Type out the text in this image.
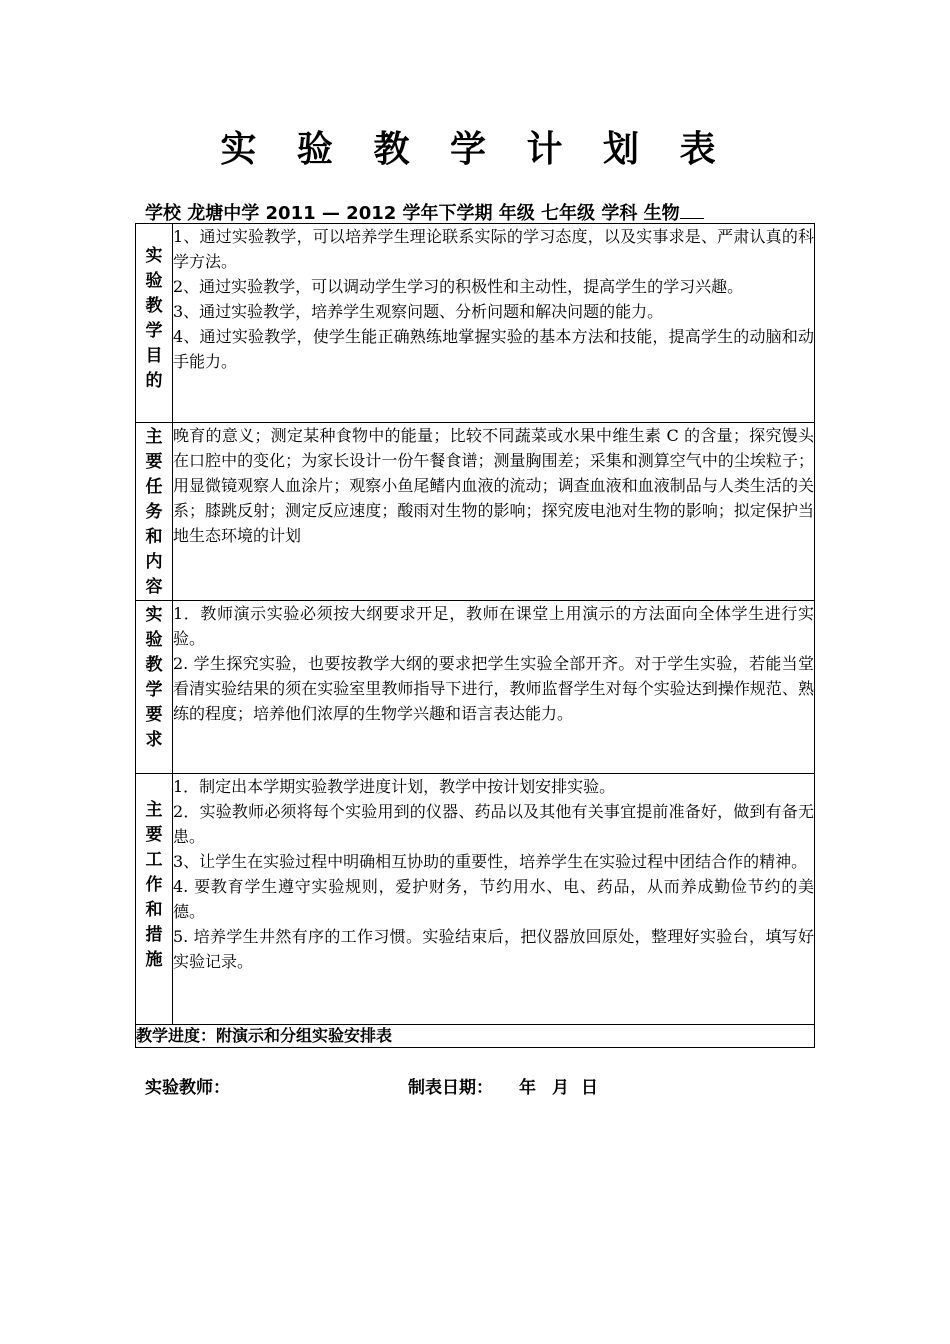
实 验 教 学 计 划 表
学校 龙塘中学 2011 — 2012 学年下学期 年级 七年级 学科 生物
实验教学目的	1、通过实验教学，可以培养学生理论联系实际的学习态度，以及实事求是、严肃认真的科学方法。

2、通过实验教学，可以调动学生学习的积极性和主动性，提高学生的学习兴趣。

3、通过实验教学，培养学生观察问题、分析问题和解决问题的能力。

4、通过实验教学，使学生能正确熟练地掌握实验的基本方法和技能，提高学生的动脑和动手能力。

主要任务和内容	晚育的意义；测定某种食物中的能量；比较不同蔬菜或水果中维生素 C 的含量；探究馒头在口腔中的变化；为家长设计一份午餐食谱；测量胸围差；采集和测算空气中的尘埃粒子；用显微镜观察人血涂片；观察小鱼尾鳍内血液的流动；调查血液和血液制品与人类生活的关系；膝跳反射；测定反应速度；酸雨对生物的影响；探究废电池对生物的影响；拟定保护当地生态环境的计划

实验教学要求	1．教师演示实验必须按大纲要求开足，教师在课堂上用演示的方法面向全体学生进行实验。

2. 学生探究实验，也要按教学大纲的要求把学生实验全部开齐。对于学生实验，若能当堂看清实验结果的须在实验室里教师指导下进行，教师监督学生对每个实验达到操作规范、熟练的程度；培养他们浓厚的生物学兴趣和语言表达能力。

主要工作和措施	1．制定出本学期实验教学进度计划，教学中按计划安排实验。

2．实验教师必须将每个实验用到的仪器、药品以及其他有关事宜提前准备好，做到有备无患。

3、让学生在实验过程中明确相互协助的重要性，培养学生在实验过程中团结合作的精神。

4. 要教育学生遵守实验规则，爱护财务，节约用水、电、药品，从而养成勤俭节约的美德。

5. 培养学生井然有序的工作习惯。实验结束后，把仪器放回原处，整理好实验台，填写好实验记录。

教学进度：附演示和分组实验安排表	
实验教师：	制表日期： 年 月 日
